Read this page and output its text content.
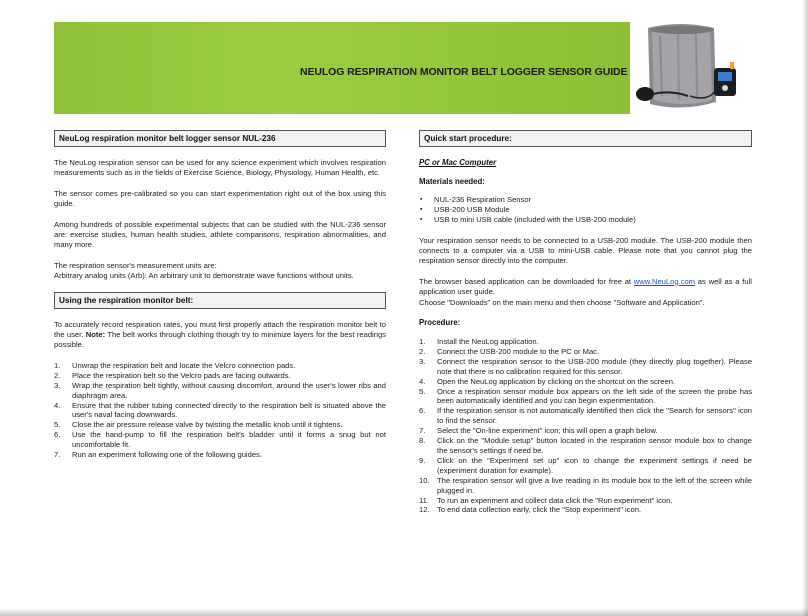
NEULOG RESPIRATION MONITOR BELT LOGGER SENSOR GUIDE
NeuLog respiration monitor belt logger sensor NUL-236

The NeuLog respiration sensor can be used for any science experiment which involves respiration measurements such as in the fields of Exercise Science, Biology, Physiology, Human Health, etc.

The sensor comes pre-calibrated so you can start experimentation right out of the box using this guide.

Among hundreds of possible experimental subjects that can be studied with the NUL-236 sensor are: exercise studies, human health studies, athlete comparisons, respiration abnormalities, and many more.

The respiration sensor's measurement units are:

Arbitrary analog units (Arb): An arbitrary unit to demonstrate wave functions without units.

Using the respiration monitor belt:

To accurately record respiration rates, you must first properly attach the respiration monitor belt to the user. Note: The belt works through clothing though try to minimize layers for the best readings possible.

1. Unwrap the respiration belt and locate the Velcro connection pads.
2. Place the respiration belt so the Velcro pads are facing outwards.
3. Wrap the respiration belt tightly, without causing discomfort, around the user's lower ribs and diaphragm area.
4. Ensure that the rubber tubing connected directly to the respiration belt is situated above the user's naval facing downwards.
5. Close the air pressure release valve by twisting the metallic knob until it tightens.
6. Use the hand-pump to fill the respiration belt's bladder until it forms a snug but not uncomfortable fit.
7. Run an experiment following one of the following guides.
Quick start procedure:
PC or Mac Computer
Materials needed:
▪ NUL-236 Respiration Sensor
▪ USB-200 USB Module
▪ USB to mini USB cable (included with the USB-200 module)

Your respiration sensor needs to be connected to a USB-200 module. The USB-200 module then connects to a computer via a USB to mini-USB cable. Please note that you cannot plug the respiration sensor directly into the computer.

The browser based application can be downloaded for free at www.NeuLog.com as well as a full application user guide.

Choose "Downloads" on the main menu and then choose "Software and Application".

Procedure:
1. Install the NeuLog application.
2. Connect the USB-200 module to the PC or Mac.
3. Connect the respiration sensor to the USB-200 module (they directly plug together). Please note that there is no calibration required for this sensor.
4. Open the NeuLog application by clicking on the shortcut on the screen.
5. Once a respiration sensor module box appears on the left side of the screen the probe has been automatically identified and you can begin experimentation.
6. If the respiration sensor is not automatically identified then click the "Search for sensors" icon to find the sensor.
7. Select the "On-line experiment" icon; this will open a graph below.
8. Click on the "Module setup" button located in the respiration sensor module box to change the sensor's settings if need be.
9. Click on the "Experiment set up" icon to change the experiment settings if need be (experiment duration for example).
10. The respiration sensor will give a live reading in its module box to the left of the screen while plugged in.
11. To run an experiment and collect data click the "Run experiment" icon.
12. To end data collection early, click the "Stop experiment" icon.
